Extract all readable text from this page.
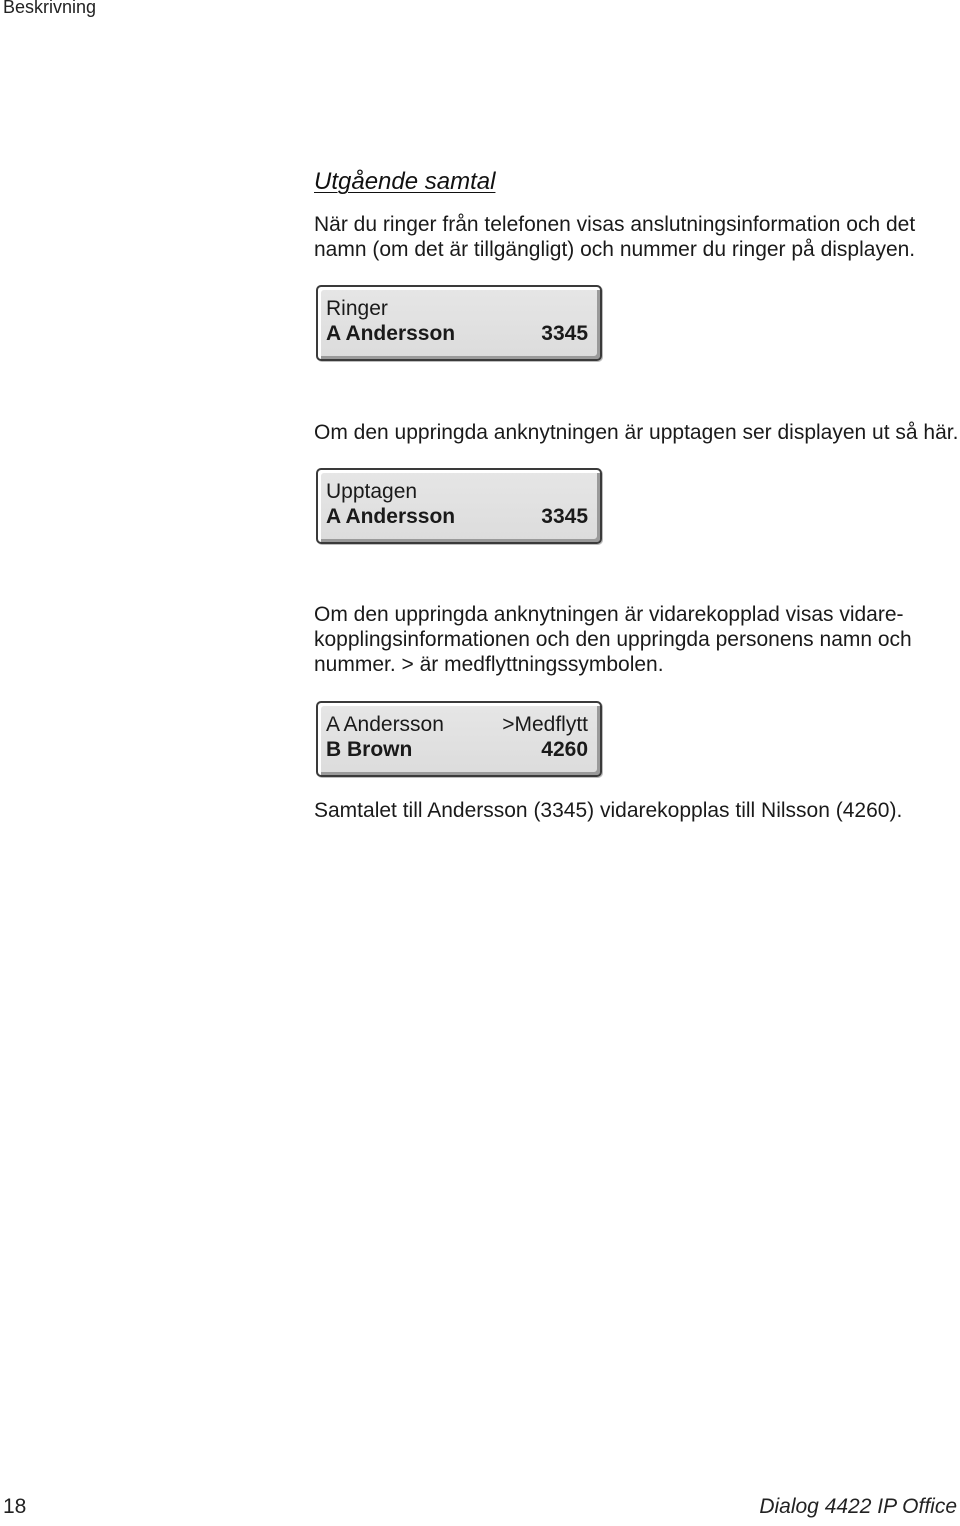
Beskrivning
Utgående samtal

När du ringer från telefonen visas anslutningsinformation och det
namn (om det är tillgängligt) och nummer du ringer på displayen.

Ringer
A Andersson	3345

Om den uppringda anknytningen är upptagen ser displayen ut så här.

Upptagen
A Andersson	3345

Om den uppringda anknytningen är vidarekopplad visas vidare-
kopplingsinformationen och den uppringda personens namn och
nummer. > är medflyttningssymbolen.

A Andersson	>Medflytt
B Brown	4260

Samtalet till Andersson (3345) vidarekopplas till Nilsson (4260).

18	Dialog 4422 IP Office
